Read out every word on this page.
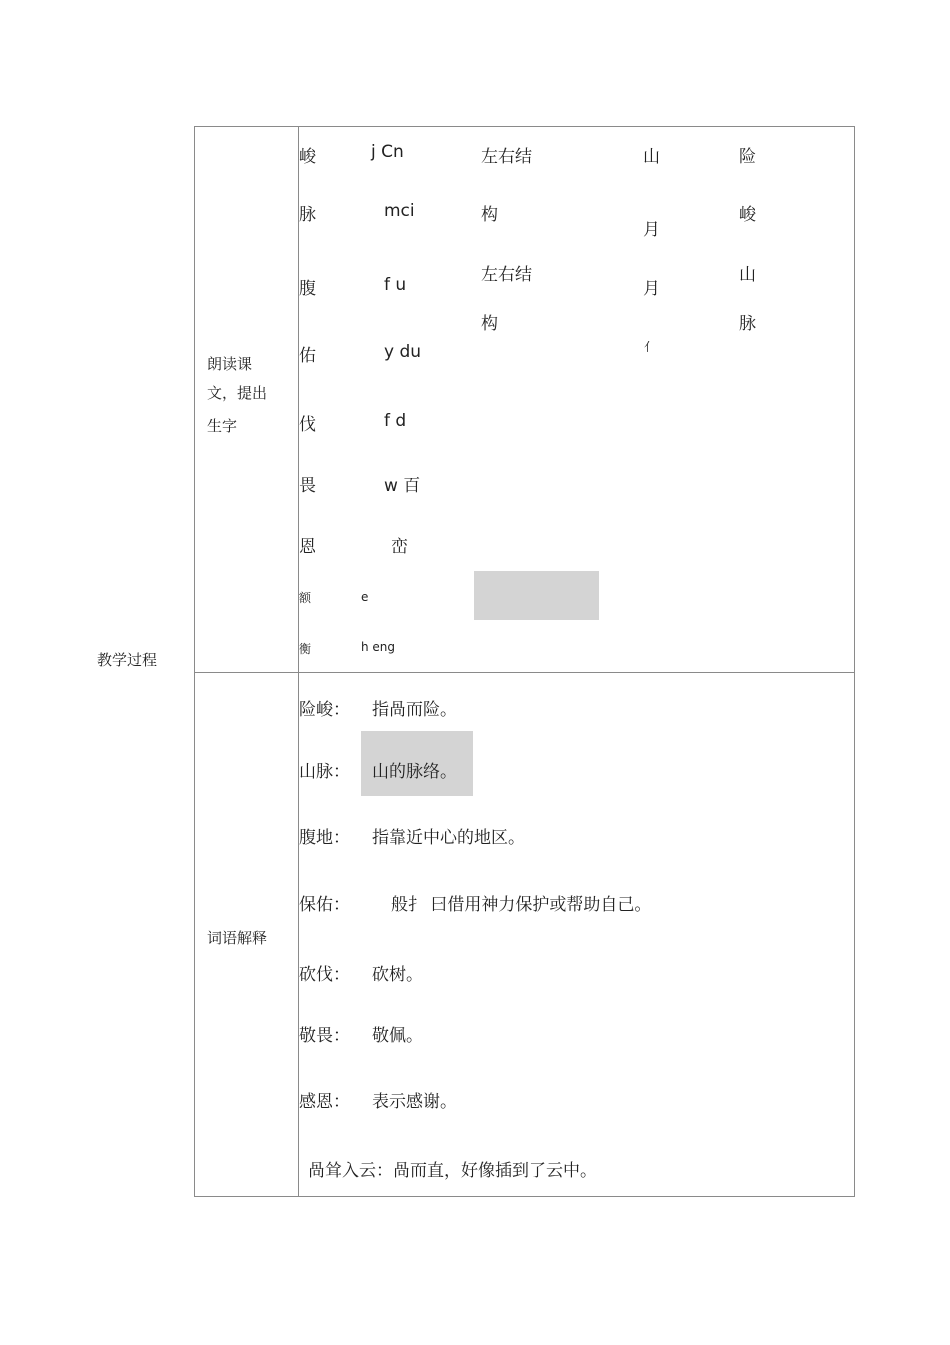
教学过程
朗读课
文，提出
生字
峻
脉
腹
佑
伐
畏
恩
额
衡
j Cn
mci
f u
y du
f d
w 百
峦
e
h eng
左右结
构
左右结
构
山
月
月
亻
险
峻
山
脉
词语解释
险峻： 指咼而险。
山脉： 山的脉络。
腹地： 指靠近中心的地区。
保佑： 般扌 曰借用神力保护或帮助自己。
砍伐： 砍树。
敬畏： 敬佩。
感恩： 表示感谢。
咼耸入云：咼而直，好像插到了云中。
